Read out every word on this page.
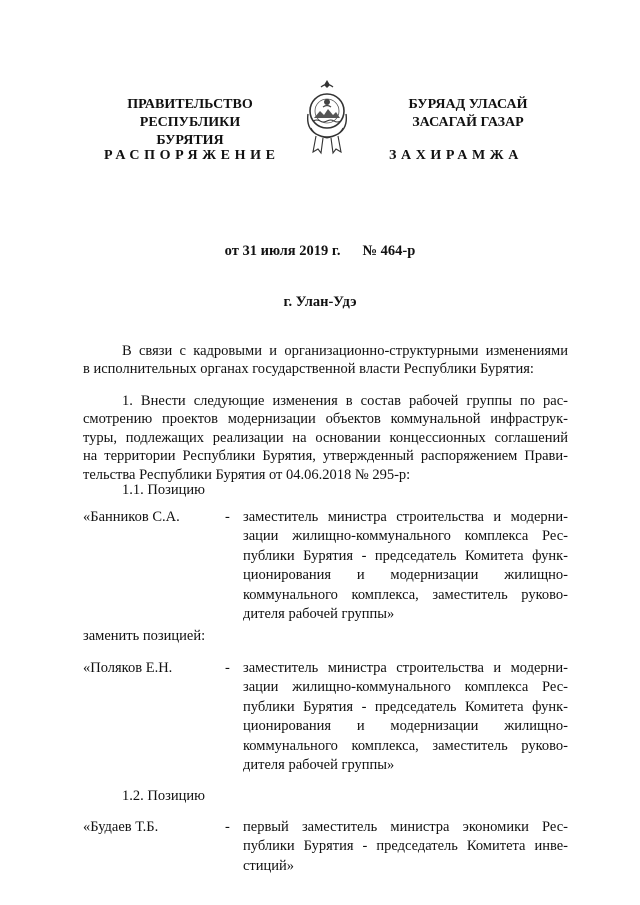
ПРАВИТЕЛЬСТВО
РЕСПУБЛИКИ БУРЯТИЯ
БУРЯАД УЛАСАЙ
ЗАСАГАЙ ГАЗАР
РАСПОРЯЖЕНИЕ	ЗАХИРАМЖА
от 31 июля 2019 г. № 464-р
г. Улан-Удэ
В связи с кадровыми и организационно-структурными изменениями
в исполнительных органах государственной власти Республики Бурятия:
1. Внести следующие изменения в состав рабочей группы по рас-
смотрению проектов модернизации объектов коммунальной инфраструк-
туры, подлежащих реализации на основании концессионных соглашений
на территории Республики Бурятия, утвержденный распоряжением Прави-
тельства Республики Бурятия от 04.06.2018 № 295-р:
1.1. Позицию
«Банников С.А.	- заместитель министра строительства и модерни-
зации жилищно-коммунального комплекса Рес-
публики Бурятия - председатель Комитета функ-
ционирования и модернизации жилищно-
коммунального комплекса, заместитель руково-
дителя рабочей группы»
заменить позицией:
«Поляков Е.Н.	- заместитель министра строительства и модерни-
зации жилищно-коммунального комплекса Рес-
публики Бурятия - председатель Комитета функ-
ционирования и модернизации жилищно-
коммунального комплекса, заместитель руково-
дителя рабочей группы»
1.2. Позицию
«Будаев Т.Б.	- первый заместитель министра экономики Рес-
публики Бурятия - председатель Комитета инве-
стиций»
